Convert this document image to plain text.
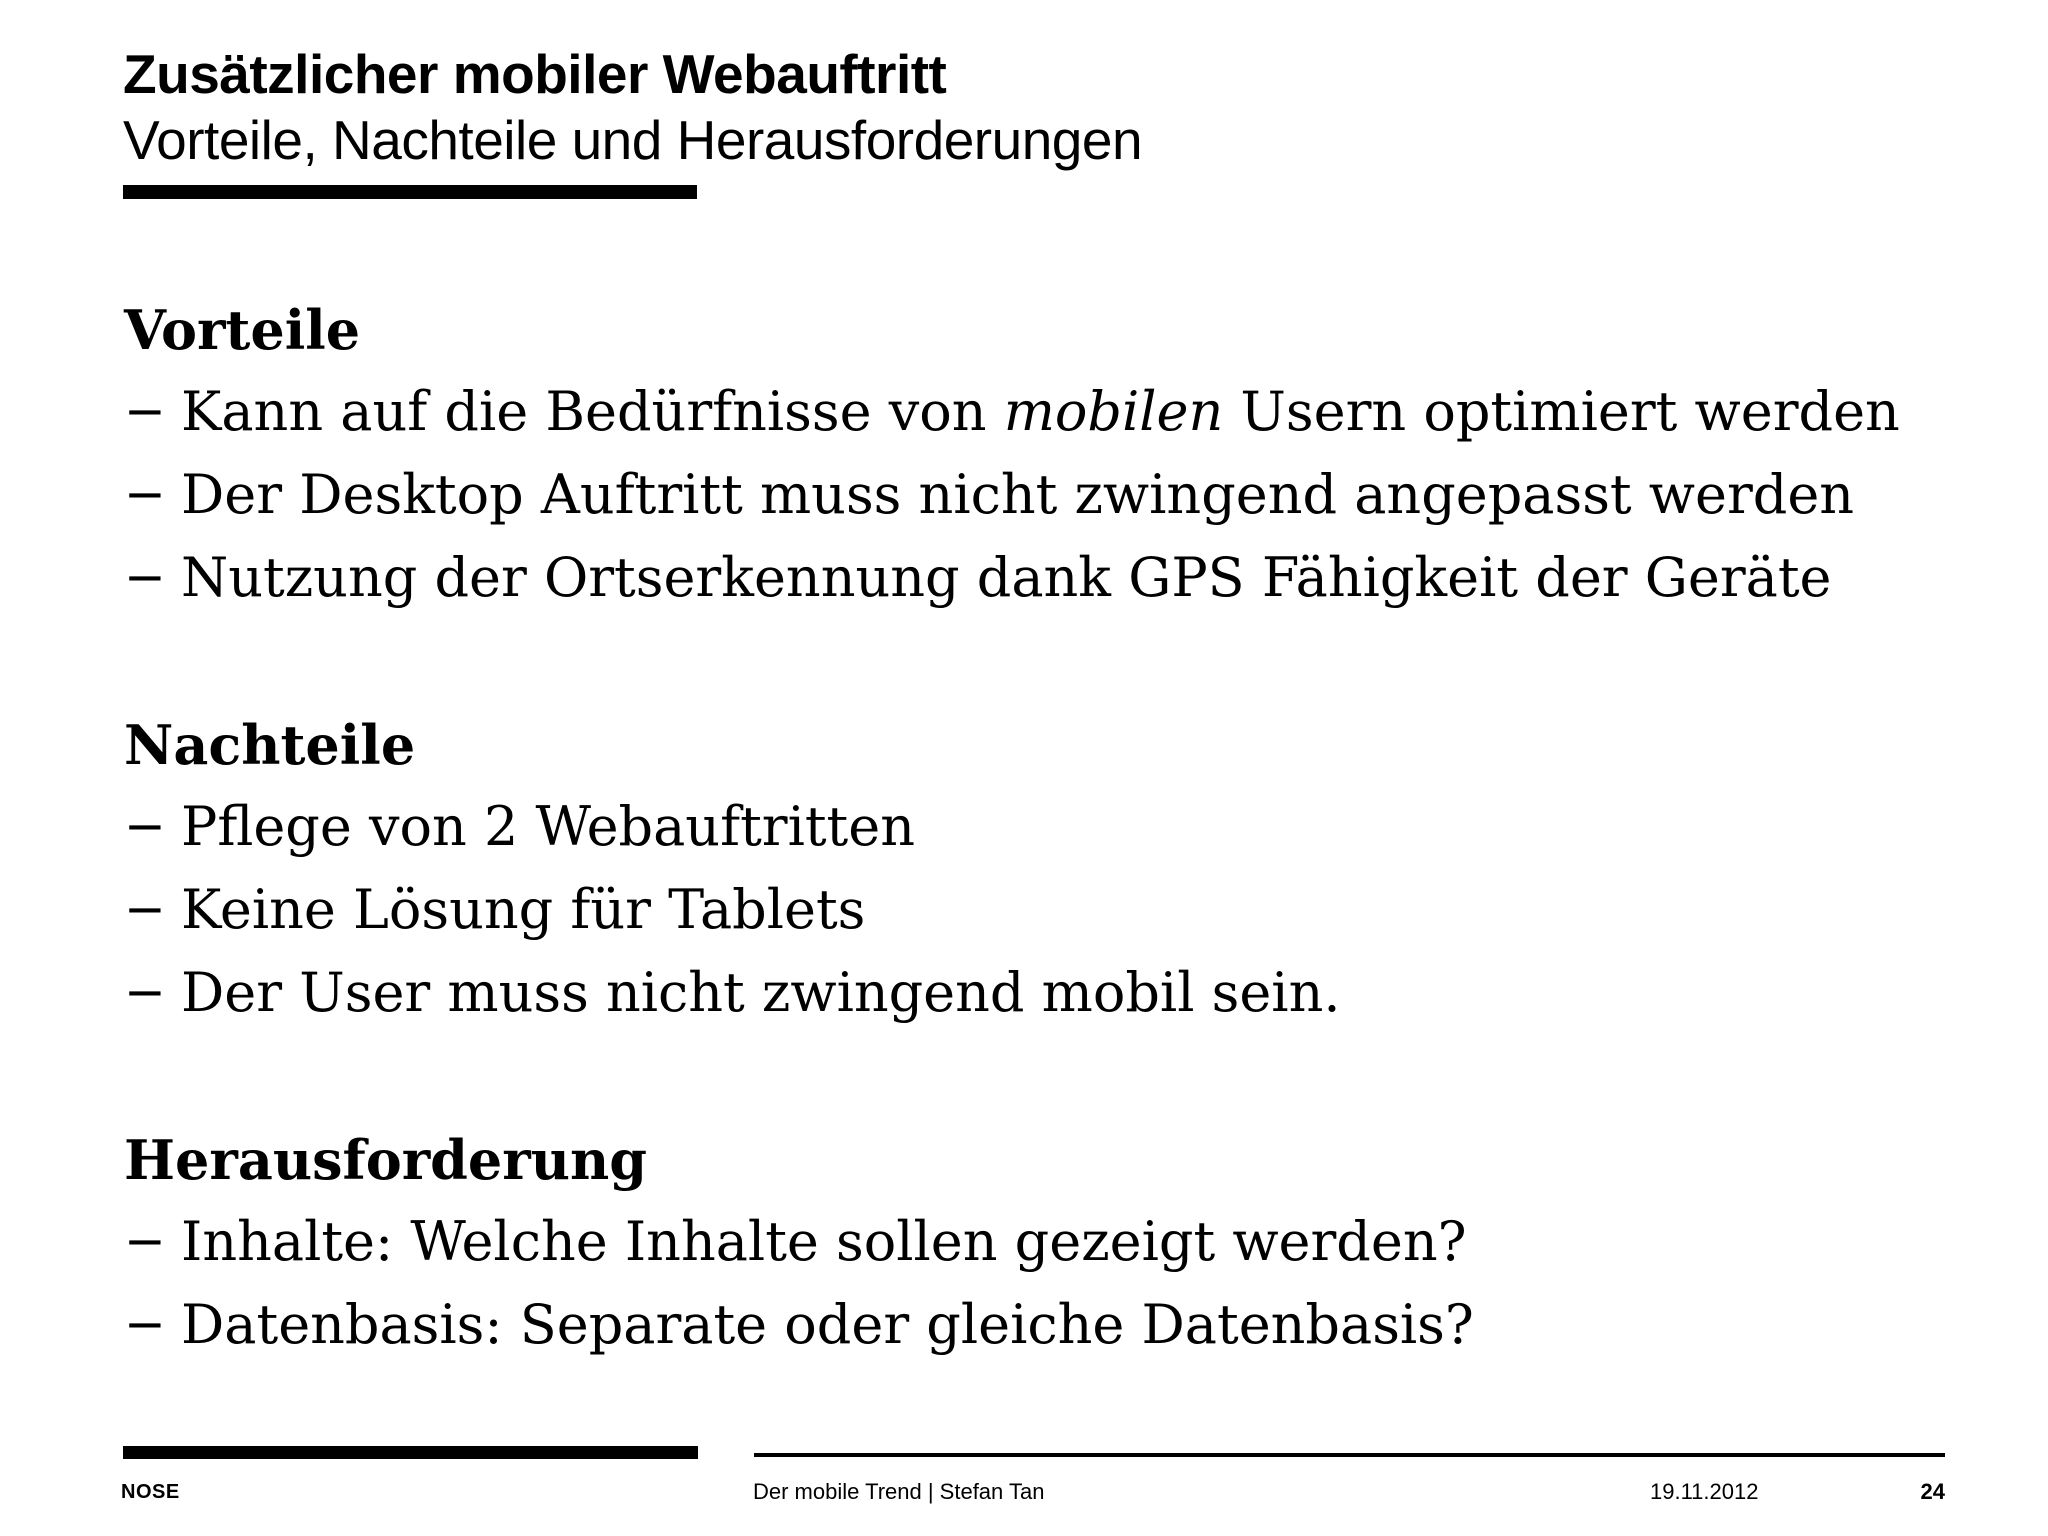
Zusätzlicher mobiler Webauftritt
Vorteile, Nachteile und Herausforderungen
Vorteile
− Kann auf die Bedürfnisse von mobilen Usern optimiert werden
− Der Desktop Auftritt muss nicht zwingend angepasst werden
− Nutzung der Ortserkennung dank GPS Fähigkeit der Geräte
Nachteile
− Pflege von 2 Webauftritten
− Keine Lösung für Tablets
− Der User muss nicht zwingend mobil sein.
Herausforderung
− Inhalte: Welche Inhalte sollen gezeigt werden?
− Datenbasis: Separate oder gleiche Datenbasis?
NOSE	Der mobile Trend | Stefan Tan	19.11.2012	24
